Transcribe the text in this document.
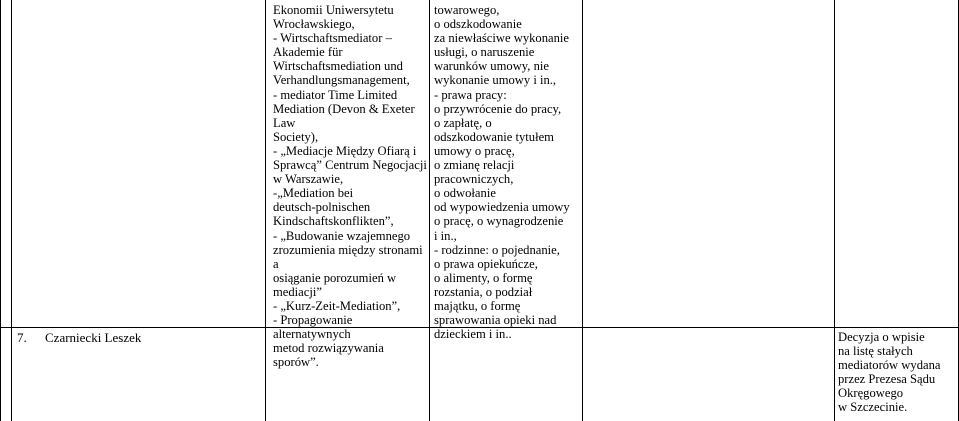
Ekonomii Uniwersytetu
Wrocławskiego,
- Wirtschaftsmediator –
Akademie für
Wirtschaftsmediation und
Verhandlungsmanagement,
- mediator Time Limited
Mediation (Devon & Exeter Law
Society),
- „Mediacje Między Ofiarą i
Sprawcą” Centrum Negocjacji
w Warszawie,
-„Mediation bei
deutsch-polnischen
Kindschaftskonflikten”,
- „Budowanie wzajemnego
zrozumienia między stronami a
osiąganie porozumień w
mediacji”
- „Kurz-Zeit-Mediation”,
- Propagowanie alternatywnych
metod rozwiązywania sporów”.
towarowego,
o odszkodowanie
za niewłaściwe wykonanie
usługi, o naruszenie
warunków umowy, nie
wykonanie umowy i in.,
- prawa pracy:
o przywrócenie do pracy,
o zapłatę, o
odszkodowanie tytułem
umowy o pracę,
o zmianę relacji
pracowniczych,
o odwołanie
od wypowiedzenia umowy
o pracę, o wynagrodzenie
i in.,
- rodzinne: o pojednanie,
o prawa opiekuńcze,
o alimenty, o formę
rozstania, o podział
majątku, o formę
sprawowania opieki nad
dzieckiem i in..
7. Czarniecki Leszek	Decyzja o wpisie
na listę stałych
mediatorów wydana
przez Prezesa Sądu
Okręgowego
w Szczecinie.
